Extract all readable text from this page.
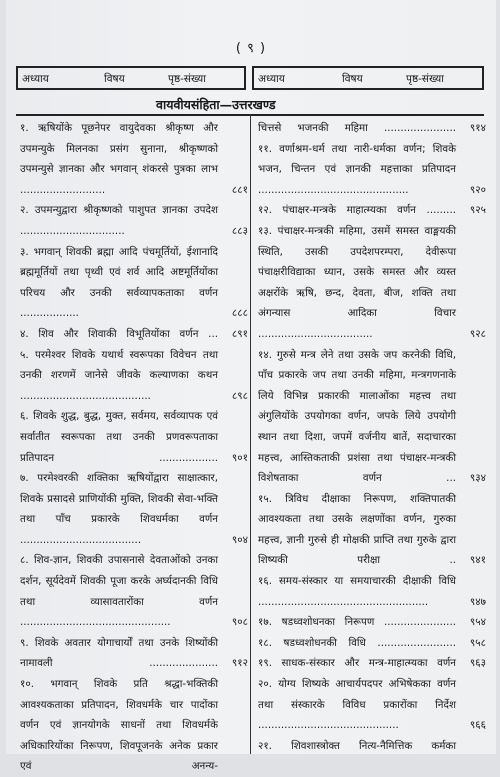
( ९ )
अध्याय	विषय	पृष्ठ-संख्या	अध्याय	विषय	पृष्ठ-संख्या
वायवीयसंहिता—उत्तरखण्ड
१. ऋषियोंके पूछनेपर वायुदेवका श्रीकृष्ण और उपमन्युके मिलनका प्रसंग सुनाना, श्रीकृष्णको उपमन्युसे ज्ञानका और भगवान् शंकरसे पुत्रका लाभ ..........................	८८१
२. उपमन्युद्वारा श्रीकृष्णको पाशुपत ज्ञानका उपदेश ................................	८८३
३. भगवान् शिवकी ब्रह्मा आदि पंचमूर्तियों, ईशानादि ब्रह्ममूर्तियों तथा पृथ्वी एवं शर्व आदि अष्टमूर्तियोंका परिचय और उनकी सर्वव्यापकताका वर्णन ..................	८८८
४. शिव और शिवाकी विभूतियोंका वर्णन ...	८९१
५. परमेश्वर शिवके यथार्थ स्वरूपका विवेचन तथा उनकी शरणमें जानेसे जीवके कल्याणका कथन ........................................	८९८
६. शिवके शुद्ध, बुद्ध, मुक्त, सर्वमय, सर्वव्यापक एवं सर्वातीत स्वरूपका तथा उनकी प्रणवरूपताका प्रतिपादन ..................	९०१
७. परमेश्वरकी शक्तिका ऋषियोंद्वारा साक्षात्कार, शिवके प्रसादसे प्राणियोंकी मुक्ति, शिवकी सेवा-भक्ति तथा पाँच प्रकारके शिवधर्मका वर्णन .....................................	९०४
८. शिव-ज्ञान, शिवकी उपासनासे देवताओंको उनका दर्शन, सूर्यदेवमें शिवकी पूजा करके अर्घ्यदानकी विधि तथा व्यासावतारोंका वर्णन ..............................................	९०८
९. शिवके अवतार योगाचार्यों तथा उनके शिष्योंकी नामावली .....................	९१२
१०. भगवान् शिवके प्रति श्रद्धा-भक्तिकी आवश्यकताका प्रतिपादन, शिवधर्मके चार पादोंका वर्णन एवं ज्ञानयोगके साधनों तथा शिवधर्मके अधिकारियोंका निरूपण, शिवपूजनके अनेक प्रकार एवं अनन्य-
चित्तसे भजनकी महिमा ......................	९१४
११. वर्णाश्रम-धर्म तथा नारी-धर्मका वर्णन; शिवके भजन, चिन्तन एवं ज्ञानकी महत्ताका प्रतिपादन ..............................................	९२०
१२. पंचाक्षर-मन्त्रके माहात्म्यका वर्णन .........	९२५
१३. पंचाक्षर-मन्त्रकी महिमा, उसमें समस्त वाङ्मयकी स्थिति, उसकी उपदेशपरम्परा, देवीरूपा पंचाक्षरीविद्याका ध्यान, उसके समस्त और व्यस्त अक्षरोंके ऋषि, छन्द, देवता, बीज, शक्ति तथा अंगन्यास आदिका विचार ...................................	९२८
१४. गुरुसे मन्त्र लेने तथा उसके जप करनेकी विधि, पाँच प्रकारके जप तथा उनकी महिमा, मन्त्रगणनाके लिये विभिन्न प्रकारकी मालाओंका महत्त्व तथा अंगुलियोंके उपयोगका वर्णन, जपके लिये उपयोगी स्थान तथा दिशा, जपमें वर्जनीय बातें, सदाचारका महत्त्व, आस्तिकताकी प्रशंसा तथा पंचाक्षर-मन्त्रकी विशेषताका वर्णन ...	९३४
१५. त्रिविध दीक्षाका निरूपण, शक्तिपातकी आवश्यकता तथा उसके लक्षणोंका वर्णन, गुरुका महत्त्व, ज्ञानी गुरुसे ही मोक्षकी प्राप्ति तथा गुरुके द्वारा शिष्यकी परीक्षा ..	९४१
१६. समय-संस्कार या समयाचारकी दीक्षाकी विधि ....................................................	९४७
१७. षडध्वशोधनका निरूपण ......................	९५४
१८. षडध्वशोधनकी विधि ........................	९५८
१९. साधक-संस्कार और मन्त्र-माहात्म्यका वर्णन	९६३
२०. योग्य शिष्यके आचार्यपदपर अभिषेकका वर्णन तथा संस्कारके विविध प्रकारोंका निर्देश ...........................................	९६६
२१. शिवशास्त्रोक्त नित्य-नैमित्तिक कर्मका
